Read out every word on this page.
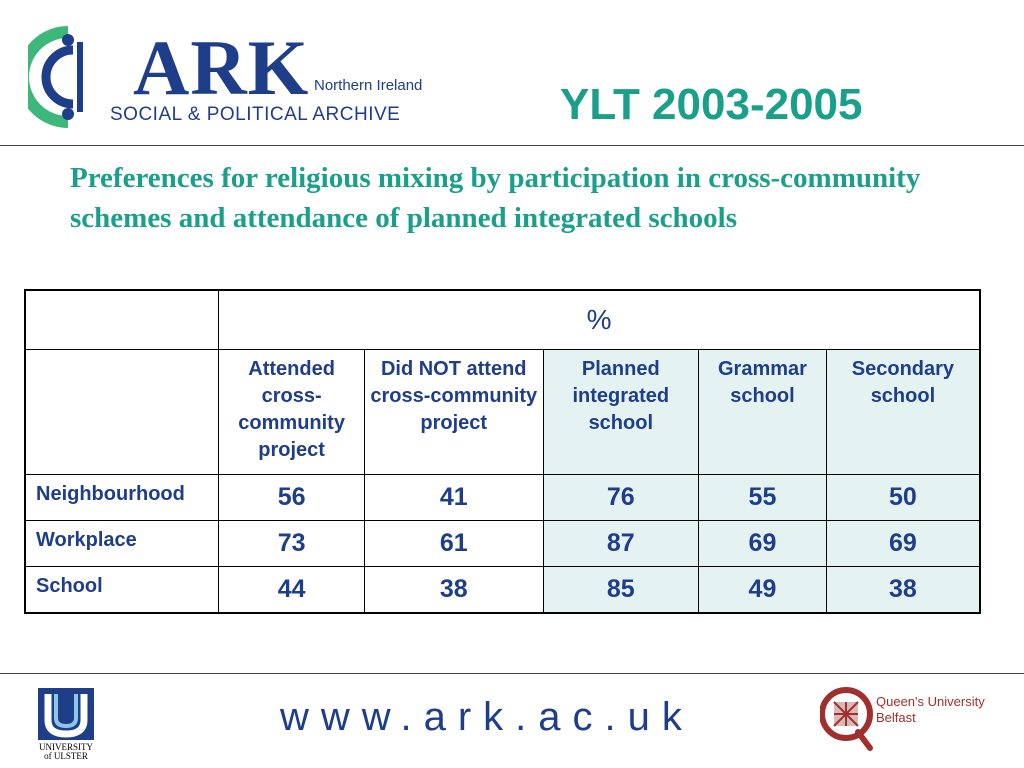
ARK Northern Ireland
SOCIAL & POLITICAL ARCHIVE	YLT 2003-2005
Preferences for religious mixing by participation in cross-community schemes and attendance of planned integrated schools
	%				
	Attended cross-community project	Did NOT attend cross-community project	Planned integrated school	Grammar school	Secondary school
Neighbourhood	56	41	76	55	50
Workplace	73	61	87	69	69
School	44	38	85	49	38
UNIVERSITY of ULSTER
www.ark.ac.uk	Queen's University Belfast
